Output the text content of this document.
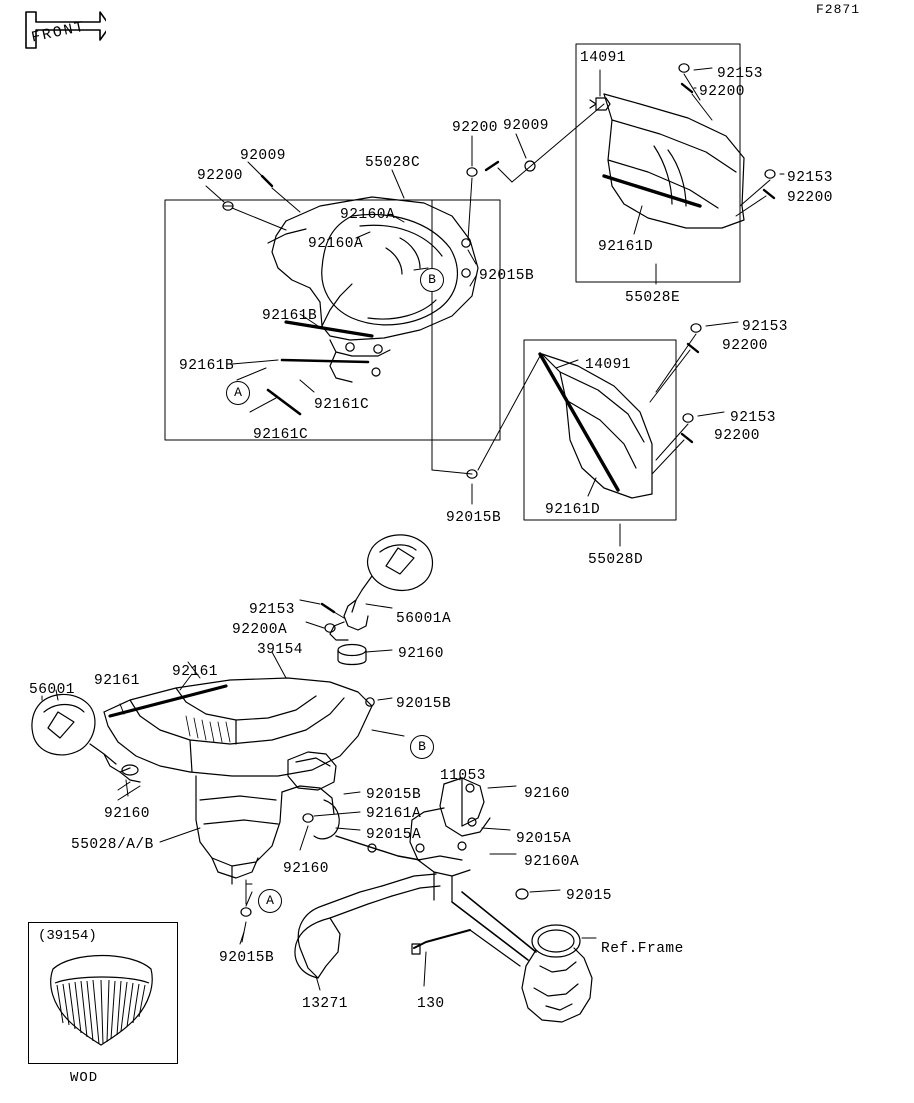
F2871
FRONT
(39154)
WOD
92009
92200
55028C
92160A
92160A
92200 92009
92015B
14091
92153
92200
92153
92200
92161D
55028E
92161B
92161B
92161C
92161C
92153
92200
14091
92153
92200
92161D
92015B
55028D
92153
92200A
56001A
92160
92161
39154
92161
56001
92015B
92015B
92161A
92015A
11053
92160
92015A
92160A
92015
92160
55028/A/B
92160
92015B
13271	130
Ref.Frame
B
A
B
A
